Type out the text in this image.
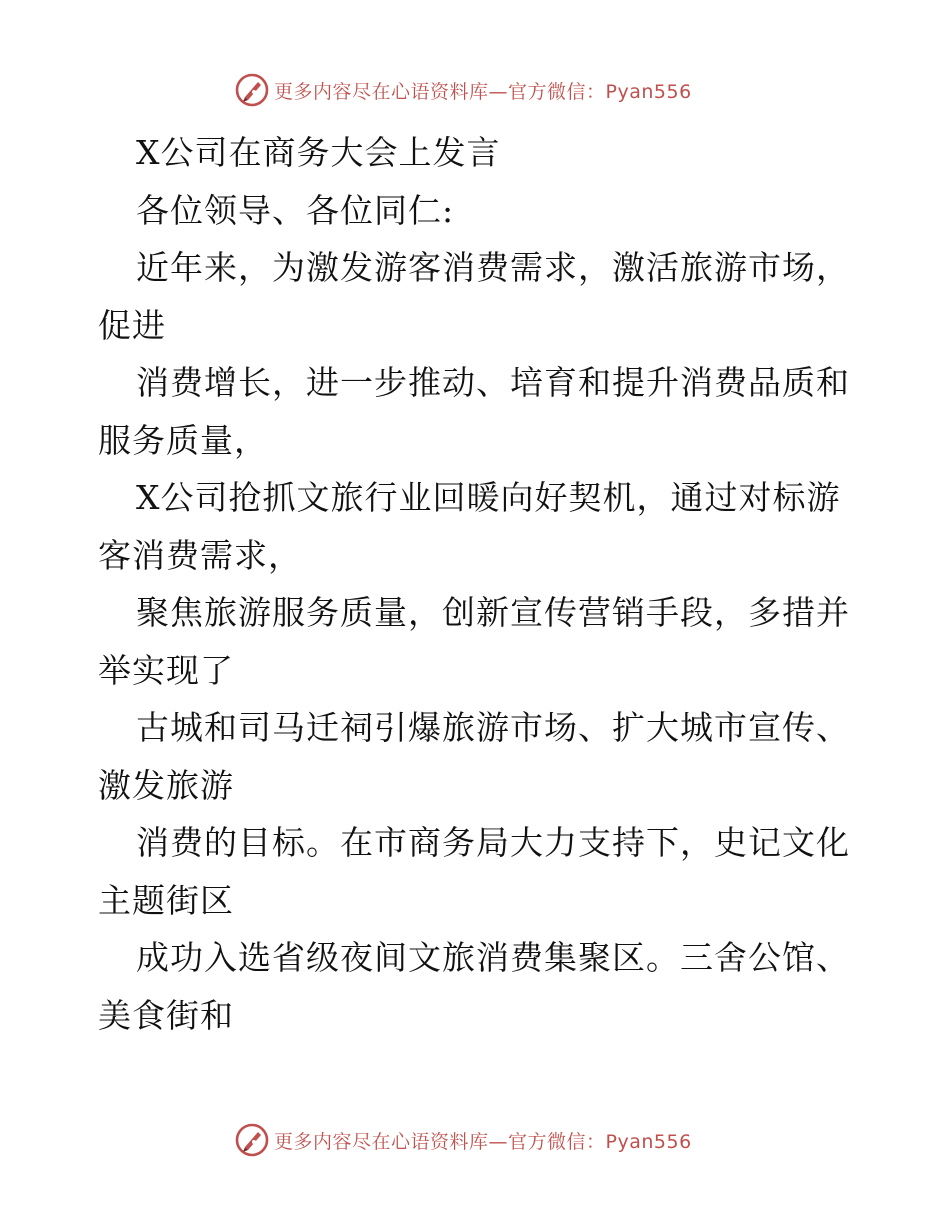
更多内容尽在心语资料库—官方微信：Pyan556
X公司在商务大会上发言
各位领导、各位同仁:
近年来，为激发游客消费需求，激活旅游市场，
促进
消费增长，进一步推动、培育和提升消费品质和
服务质量，
X公司抢抓文旅行业回暖向好契机，通过对标游
客消费需求，
聚焦旅游服务质量，创新宣传营销手段，多措并
举实现了
古城和司马迁祠引爆旅游市场、扩大城市宣传、
激发旅游
消费的目标。在市商务局大力支持下，史记文化
主题街区
成功入选省级夜间文旅消费集聚区。三舍公馆、
美食街和
更多内容尽在心语资料库—官方微信：Pyan556
